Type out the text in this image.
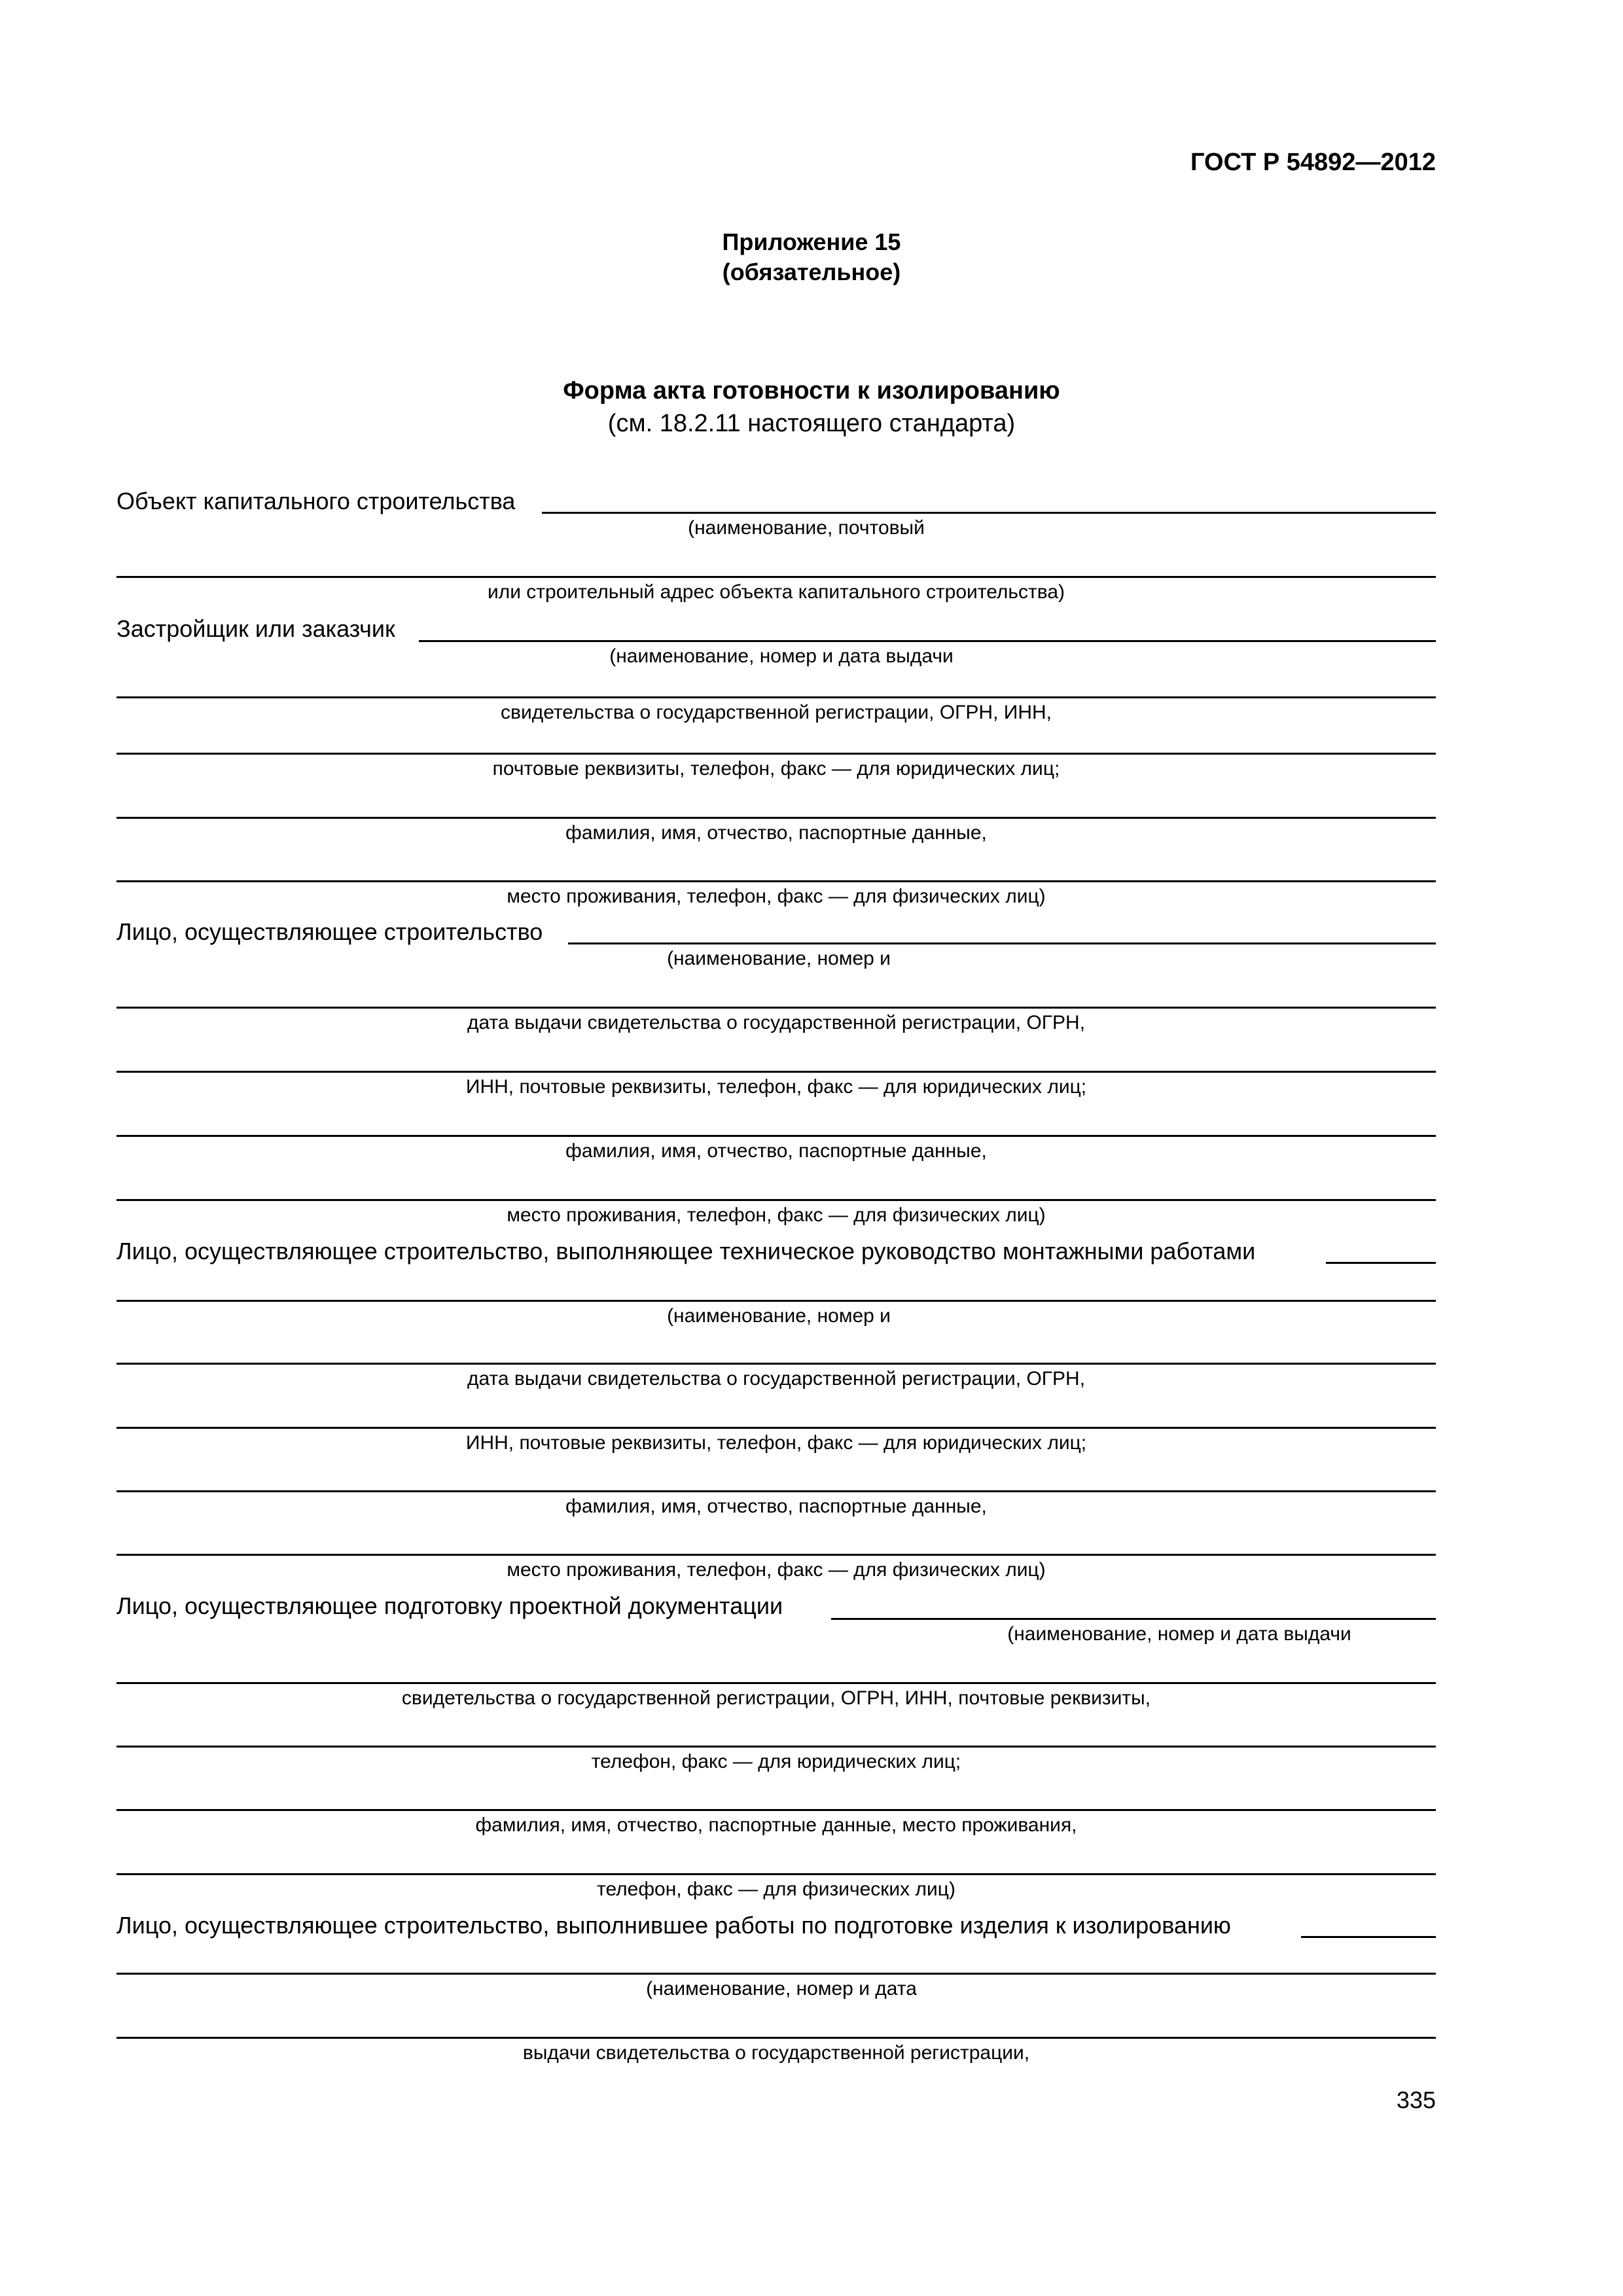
ГОСТ Р 54892—2012
Приложение 15
(обязательное)
Форма акта готовности к изолированию
(см. 18.2.11 настоящего стандарта)
Объект капитального строительства
(наименование, почтовый
или строительный адрес объекта капитального строительства)
Застройщик или заказчик
(наименование, номер и дата выдачи
свидетельства о государственной регистрации, ОГРН, ИНН,
почтовые реквизиты, телефон, факс — для юридических лиц;
фамилия, имя, отчество, паспортные данные,
место проживания, телефон, факс — для физических лиц)
Лицо, осуществляющее строительство
(наименование, номер и
дата выдачи свидетельства о государственной регистрации, ОГРН,
ИНН, почтовые реквизиты, телефон, факс — для юридических лиц;
фамилия, имя, отчество, паспортные данные,
место проживания, телефон, факс — для физических лиц)
Лицо, осуществляющее строительство, выполняющее техническое руководство монтажными работами
(наименование, номер и
дата выдачи свидетельства о государственной регистрации, ОГРН,
ИНН, почтовые реквизиты, телефон, факс — для юридических лиц;
фамилия, имя, отчество, паспортные данные,
место проживания, телефон, факс — для физических лиц)
Лицо, осуществляющее подготовку проектной документации
(наименование, номер и дата выдачи
свидетельства о государственной регистрации, ОГРН, ИНН, почтовые реквизиты,
телефон, факс — для юридических лиц;
фамилия, имя, отчество, паспортные данные, место проживания,
телефон, факс — для физических лиц)
Лицо, осуществляющее строительство, выполнившее работы по подготовке изделия к изолированию
(наименование, номер и дата
выдачи свидетельства о государственной регистрации,
335
